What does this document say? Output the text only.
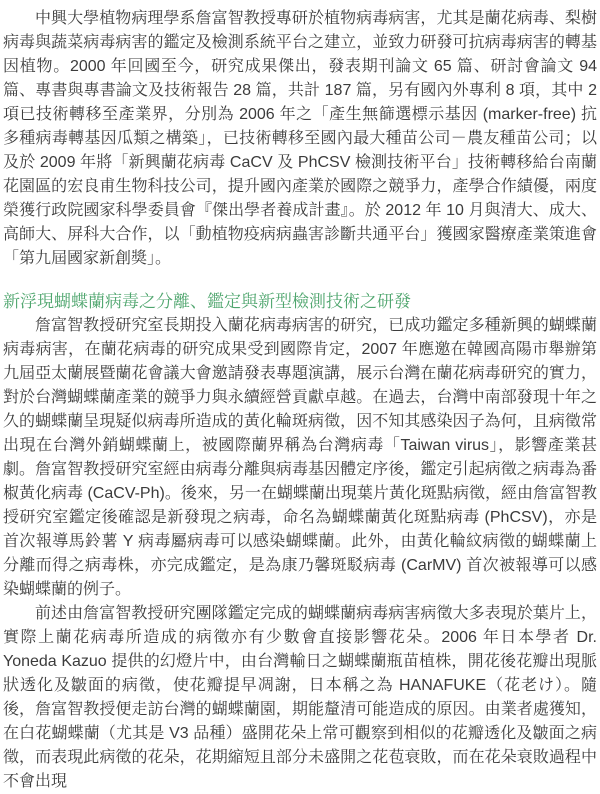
中興大學植物病理學系詹富智教授專研於植物病毒病害，尤其是蘭花病毒、梨樹病毒與蔬菜病毒病害的鑑定及檢測系統平台之建立，並致力研發可抗病毒病害的轉基因植物。2000 年回國至今，研究成果傑出，發表期刊論文 65 篇、研討會論文 94 篇、專書與專書論文及技術報告 28 篇，共計 187 篇，另有國內外專利 8 項，其中 2 項已技術轉移至產業界，分別為 2006 年之「產生無篩選標示基因 (marker-free) 抗多種病毒轉基因瓜類之構築」，已技術轉移至國內最大種苗公司－農友種苗公司；以及於 2009 年將「新興蘭花病毒 CaCV 及 PhCSV 檢測技術平台」技術轉移給台南蘭花園區的宏良甫生物科技公司，提升國內產業於國際之競爭力，產學合作績優，兩度榮獲行政院國家科學委員會『傑出學者養成計畫』。於 2012 年 10 月與清大、成大、高師大、屏科大合作，以「動植物疫病病蟲害診斷共通平台」獲國家醫療產業策進會「第九屆國家新創獎」。

新浮現蝴蝶蘭病毒之分離、鑑定與新型檢測技術之研發

詹富智教授研究室長期投入蘭花病毒病害的研究，已成功鑑定多種新興的蝴蝶蘭病毒病害，在蘭花病毒的研究成果受到國際肯定，2007 年應邀在韓國高陽市舉辦第九屆亞太蘭展暨蘭花會議大會邀請發表專題演講，展示台灣在蘭花病毒研究的實力，對於台灣蝴蝶蘭產業的競爭力與永續經營貢獻卓越。在過去，台灣中南部發現十年之久的蝴蝶蘭呈現疑似病毒所造成的黃化輪斑病徵，因不知其感染因子為何，且病徵常出現在台灣外銷蝴蝶蘭上，被國際蘭界稱為台灣病毒「Taiwan virus」，影響產業甚劇。詹富智教授研究室經由病毒分離與病毒基因體定序後，鑑定引起病徵之病毒為番椒黃化病毒 (CaCV-Ph)。後來，另一在蝴蝶蘭出現葉片黃化斑點病徵，經由詹富智教授研究室鑑定後確認是新發現之病毒，命名為蝴蝶蘭黃化斑點病毒 (PhCSV)，亦是首次報導馬鈴薯 Y 病毒屬病毒可以感染蝴蝶蘭。此外，由黃化輪紋病徵的蝴蝶蘭上分離而得之病毒株，亦完成鑑定，是為康乃馨斑駁病毒 (CarMV) 首次被報導可以感染蝴蝶蘭的例子。

前述由詹富智教授研究團隊鑑定完成的蝴蝶蘭病毒病害病徵大多表現於葉片上，實際上蘭花病毒所造成的病徵亦有少數會直接影響花朵。2006 年日本學者 Dr. Yoneda Kazuo 提供的幻燈片中，由台灣輸日之蝴蝶蘭瓶苗植株，開花後花瓣出現脈狀透化及皺面的病徵，使花瓣提早凋謝，日本稱之為 HANAFUKE（花老け）。隨後，詹富智教授便走訪台灣的蝴蝶蘭園，期能釐清可能造成的原因。由業者處獲知，在白花蝴蝶蘭（尤其是 V3 品種）盛開花朵上常可觀察到相似的花瓣透化及皺面之病徵，而表現此病徵的花朵，花期縮短且部分未盛開之花苞衰敗，而在花朵衰敗過程中不會出現
